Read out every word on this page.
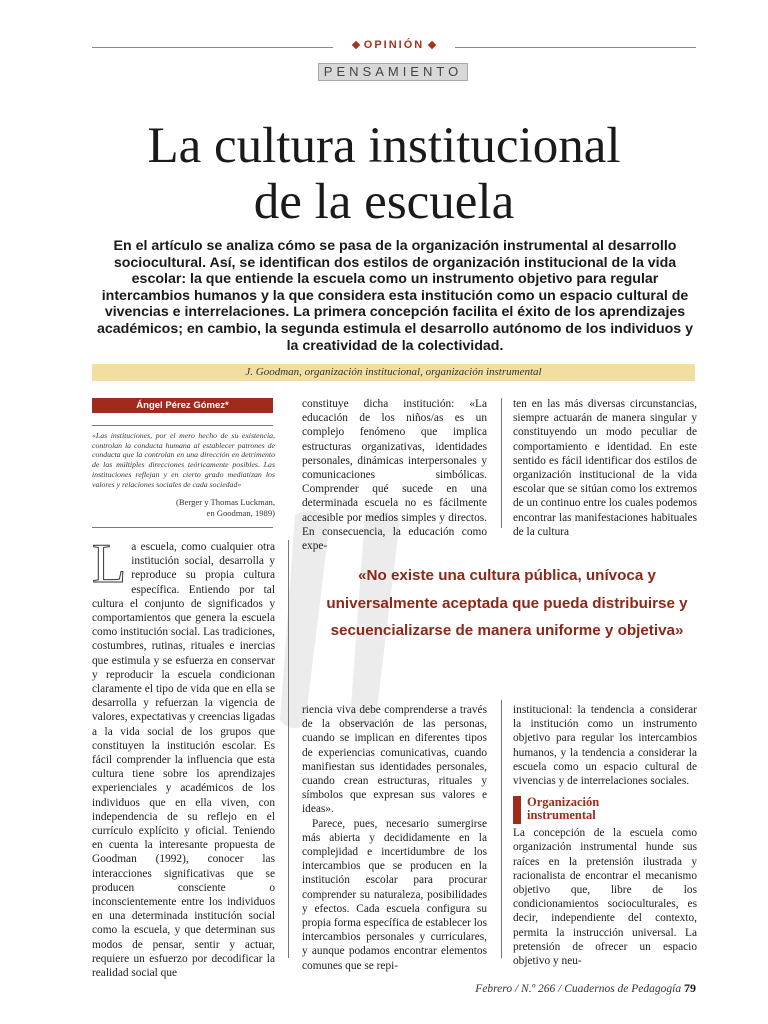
OPINIÓN
PENSAMIENTO
La cultura institucional
de la escuela
En el artículo se analiza cómo se pasa de la organización instrumental al desarrollo sociocultural. Así, se identifican dos estilos de organización institucional de la vida escolar: la que entiende la escuela como un instrumento objetivo para regular intercambios humanos y la que considera esta institución como un espacio cultural de vivencias e interrelaciones. La primera concepción facilita el éxito de los aprendizajes académicos; en cambio, la segunda estimula el desarrollo autónomo de los individuos y la creatividad de la colectividad.
J. Goodman, organización institucional, organización instrumental
Ángel Pérez Gómez*
«Las instituciones, por el mero hecho de su existencia, controlan la conducta humana al establecer patrones de conducta que la controlan en una dirección en detrimento de las múltiples direcciones teóricamente posibles. Las instituciones reflejan y en cierto grado mediatizan los valores y relaciones sociales de cada sociedad»
(Berger y Thomas Luckman,
en Goodman, 1989)
La escuela, como cualquier otra institución social, desarrolla y reproduce su propia cultura específica. Entiendo por tal cultura el conjunto de significados y comportamientos que genera la escuela como institución social. Las tradiciones, costumbres, rutinas, rituales e inercias que estimula y se esfuerza en conservar y reproducir la escuela condicionan claramente el tipo de vida que en ella se desarrolla y refuerzan la vigencia de valores, expectativas y creencias ligadas a la vida social de los grupos que constituyen la institución escolar. Es fácil comprender la influencia que esta cultura tiene sobre los aprendizajes experienciales y académicos de los individuos que en ella viven, con independencia de su reflejo en el currículo explícito y oficial. Teniendo en cuenta la interesante propuesta de Goodman (1992), conocer las interacciones significativas que se producen consciente o inconscientemente entre los individuos en una determinada institución social como la escuela, y que determinan sus modos de pensar, sentir y actuar, requiere un esfuerzo por decodificar la realidad social que
constituye dicha institución: «La educación de los niños/as es un complejo fenómeno que implica estructuras organizativas, identidades personales, dinámicas interpersonales y comunicaciones simbólicas. Comprender qué sucede en una determinada escuela no es fácilmente accesible por medios simples y directos. En consecuencia, la educación como expe-
ten en las más diversas circunstancias, siempre actuarán de manera singular y constituyendo un modo peculiar de comportamiento e identidad. En este sentido es fácil identificar dos estilos de organización institucional de la vida escolar que se sitúan como los extremos de un continuo entre los cuales podemos encontrar las manifestaciones habituales de la cultura
«No existe una cultura pública, unívoca y universalmente aceptada que pueda distribuirse y secuencializarse de manera uniforme y objetiva»

riencia viva debe comprenderse a través de la observación de las personas, cuando se implican en diferentes tipos de experiencias comunicativas, cuando manifiestan sus identidades personales, cuando crean estructuras, rituales y símbolos que expresan sus valores e ideas».

Parece, pues, necesario sumergirse más abierta y decididamente en la complejidad e incertidumbre de los intercambios que se producen en la institución escolar para procurar comprender su naturaleza, posibilidades y efectos. Cada escuela configura su propia forma específica de establecer los intercambios personales y curriculares, y aunque podamos encontrar elementos comunes que se repi-

institucional: la tendencia a considerar la institución como un instrumento objetivo para regular los intercambios humanos, y la tendencia a considerar la escuela como un espacio cultural de vivencias y de interrelaciones sociales.

Organización
instrumental

La concepción de la escuela como organización instrumental hunde sus raíces en la pretensión ilustrada y racionalista de encontrar el mecanismo objetivo que, libre de los condicionamientos socioculturales, es decir, independiente del contexto, permita la instrucción universal. La pretensión de ofrecer un espacio objetivo y neu-

Febrero / N.º 266 / Cuadernos de Pedagogía 79
